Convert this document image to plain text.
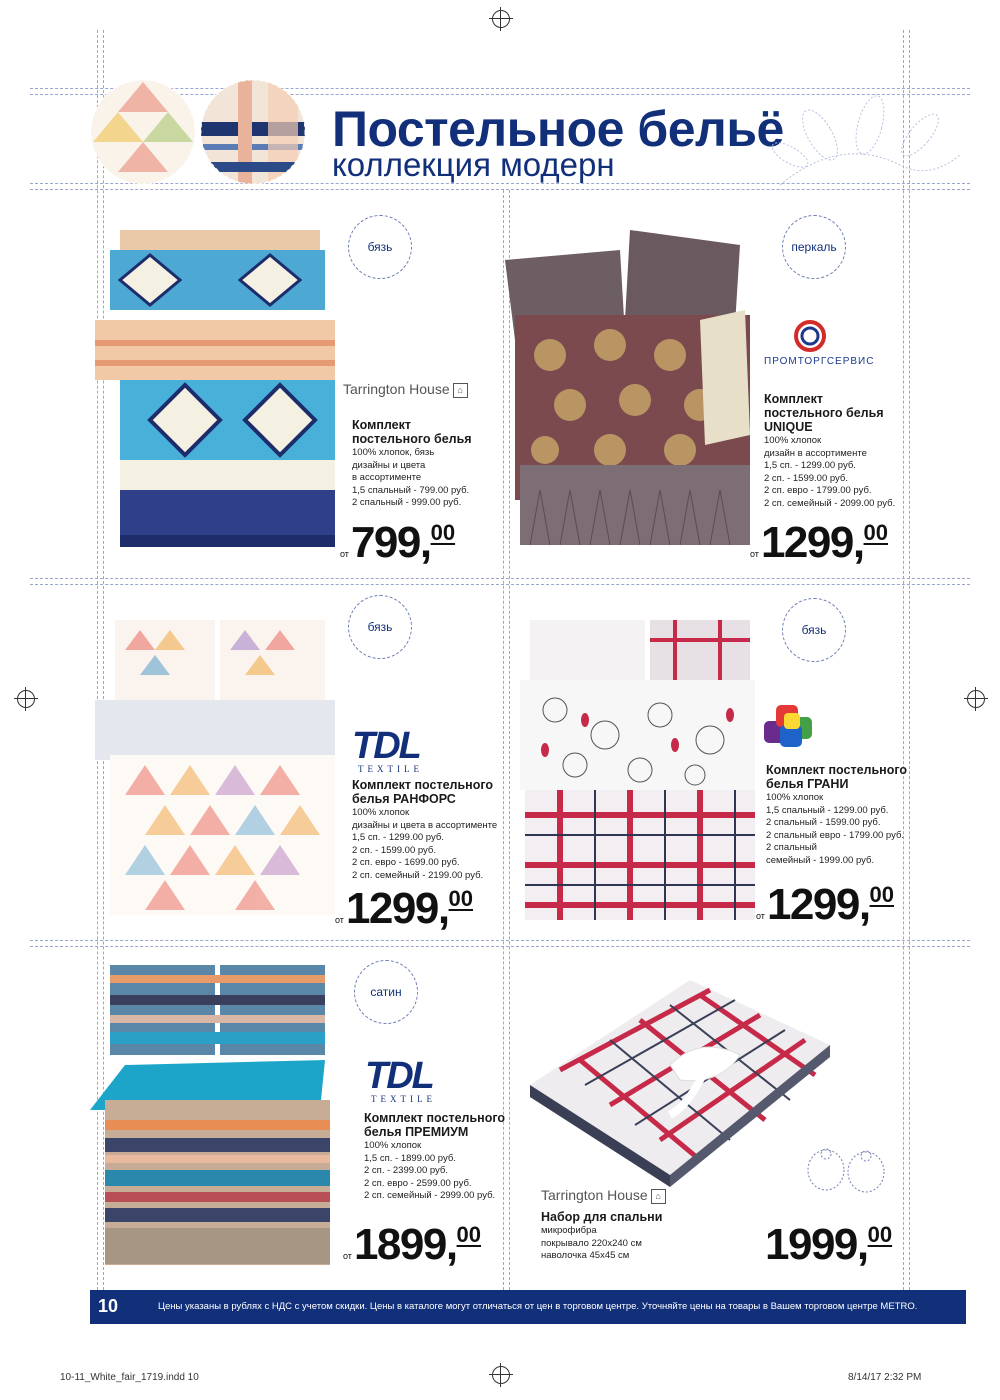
Постельное бельё
коллекция модерн
бязь
Tarrington House ⌂
Комплект
постельного белья
100% хлопок, бязь
дизайны и цвета
в ассортименте
1,5 спальный - 799.00 руб.
2 спальный - 999.00 руб.
от799,00
перкаль
ПРОМТОРГСЕРВИС
Комплект
постельного белья
UNIQUE
100% хлопок
дизайн в ассортименте
1,5 сп. - 1299.00 руб.
2 сп. - 1599.00 руб.
2 сп. евро - 1799.00 руб.
2 сп. семейный - 2099.00 руб.
от1299,00
бязь
TDL
TEXTILE
Комплект постельного
белья РАНФОРС
100% хлопок
дизайны и цвета в ассортименте
1,5 сп. - 1299.00 руб.
2 сп. - 1599.00 руб.
2 сп. евро - 1699.00 руб.
2 сп. семейный - 2199.00 руб.
от1299,00
бязь
Комплект постельного
белья ГРАНИ
100% хлопок
1,5 спальный - 1299.00 руб.
2 спальный - 1599.00 руб.
2 спальный евро - 1799.00 руб.
2 спальный
семейный - 1999.00 руб.
от1299,00
сатин
TDL
TEXTILE
Комплект постельного
белья ПРЕМИУМ
100% хлопок
1,5 сп. - 1899.00 руб.
2 сп. - 2399.00 руб.
2 сп. евро - 2599.00 руб.
2 сп. семейный - 2999.00 руб.
от1899,00
Tarrington House ⌂
Набор для спальни
микрофибра
покрывало 220х240 см
наволочка 45х45 см	1999,00
10	Цены указаны в рублях с НДС с учетом скидки. Цены в каталоге могут отличаться от цен в торговом центре. Уточняйте цены на товары в Вашем торговом центре METRO.
10-11_White_fair_1719.indd 10	8/14/17 2:32 PM
